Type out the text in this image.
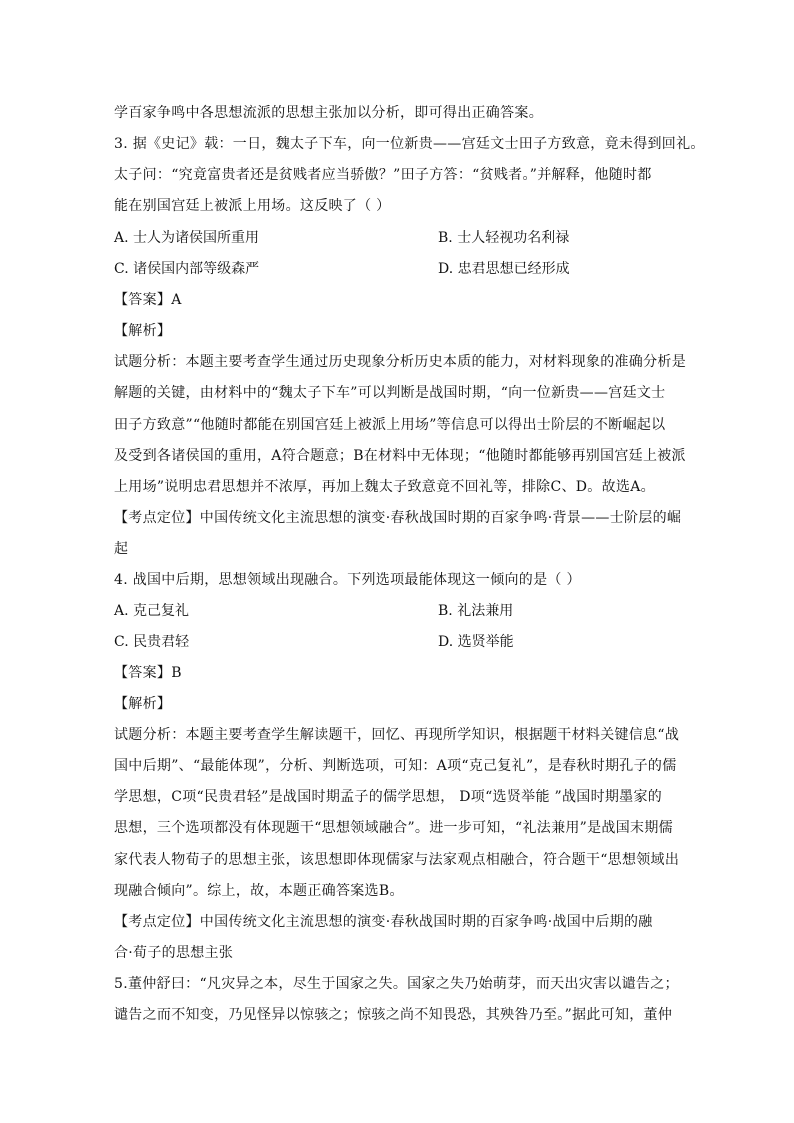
学百家争鸣中各思想流派的思想主张加以分析，即可得出正确答案。
3. 据《史记》载：一日，魏太子下车，向一位新贵——宫廷文士田子方致意，竟未得到回礼。
太子问：“究竟富贵者还是贫贱者应当骄傲？”田子方答：“贫贱者。”并解释，他随时都
能在别国宫廷上被派上用场。这反映了（ ）
A. 士人为诸侯国所重用	B. 士人轻视功名利禄
C. 诸侯国内部等级森严	D. 忠君思想已经形成
【答案】A
【解析】
试题分析：本题主要考查学生通过历史现象分析历史本质的能力，对材料现象的准确分析是
解题的关键，由材料中的“魏太子下车”可以判断是战国时期，“向一位新贵——宫廷文士
田子方致意”“他随时都能在别国宫廷上被派上用场”等信息可以得出士阶层的不断崛起以
及受到各诸侯国的重用，A符合题意；B在材料中无体现；“他随时都能够再别国宫廷上被派
上用场”说明忠君思想并不浓厚，再加上魏太子致意竟不回礼等，排除C、D。故选A。
【考点定位】中国传统文化主流思想的演变·春秋战国时期的百家争鸣·背景——士阶层的崛
起
4. 战国中后期，思想领域出现融合。下列选项最能体现这一倾向的是（ ）
A. 克己复礼	B. 礼法兼用
C. 民贵君轻	D. 选贤举能
【答案】B
【解析】
试题分析：本题主要考查学生解读题干，回忆、再现所学知识，根据题干材料关键信息“战
国中后期”、“最能体现”，分析、判断选项，可知：A项“克己复礼”，是春秋时期孔子的儒
学思想，C项“民贵君轻”是战国时期孟子的儒学思想， D项“选贤举能 ”战国时期墨家的
思想，三个选项都没有体现题干“思想领域融合”。进一步可知，“礼法兼用”是战国末期儒
家代表人物荀子的思想主张，该思想即体现儒家与法家观点相融合，符合题干“思想领域出
现融合倾向”。综上，故，本题正确答案选B。
【考点定位】中国传统文化主流思想的演变·春秋战国时期的百家争鸣·战国中后期的融
合·荀子的思想主张
5.董仲舒曰：“凡灾异之本，尽生于国家之失。国家之失乃始萌芽，而天出灾害以谴告之；
谴告之而不知变，乃见怪异以惊骇之；惊骇之尚不知畏恐，其殃咎乃至。”据此可知，董仲
